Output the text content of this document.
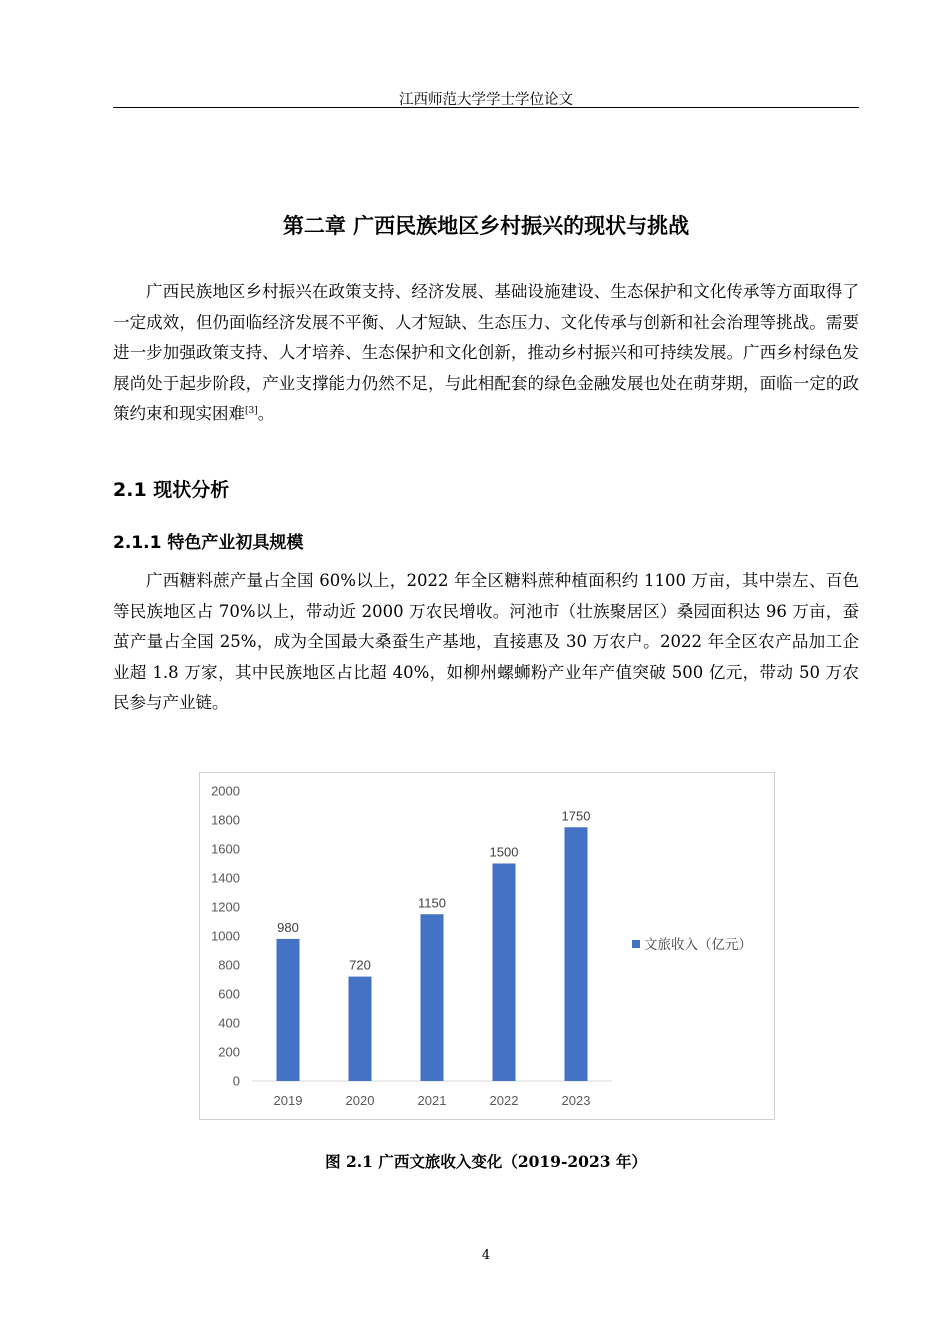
江西师范大学学士学位论文
第二章 广西民族地区乡村振兴的现状与挑战

广西民族地区乡村振兴在政策支持、经济发展、基础设施建设、生态保护和文化传承等方面取得了一定成效，但仍面临经济发展不平衡、人才短缺、生态压力、文化传承与创新和社会治理等挑战。需要进一步加强政策支持、人才培养、生态保护和文化创新，推动乡村振兴和可持续发展。广西乡村绿色发展尚处于起步阶段，产业支撑能力仍然不足，与此相配套的绿色金融发展也处在萌芽期，面临一定的政策约束和现实困难[3]。

2.1 现状分析
2.1.1 特色产业初具规模

广西糖料蔗产量占全国 60%以上，2022 年全区糖料蔗种植面积约 1100 万亩，其中崇左、百色等民族地区占 70%以上，带动近 2000 万农民增收。河池市（壮族聚居区）桑园面积达 96 万亩，蚕茧产量占全国 25%，成为全国最大桑蚕生产基地，直接惠及 30 万农户。2022 年全区农产品加工企业超 1.8 万家，其中民族地区占比超 40%，如柳州螺蛳粉产业年产值突破 500 亿元，带动 50 万农民参与产业链。

0
200
400
600
800
1000
1200
1400
1600
1800
2000
980
2019
720
2020
1150
2021
1500
2022
1750
2023
文旅收入（亿元）
图 2.1 广西文旅收入变化（2019-2023 年）
4
